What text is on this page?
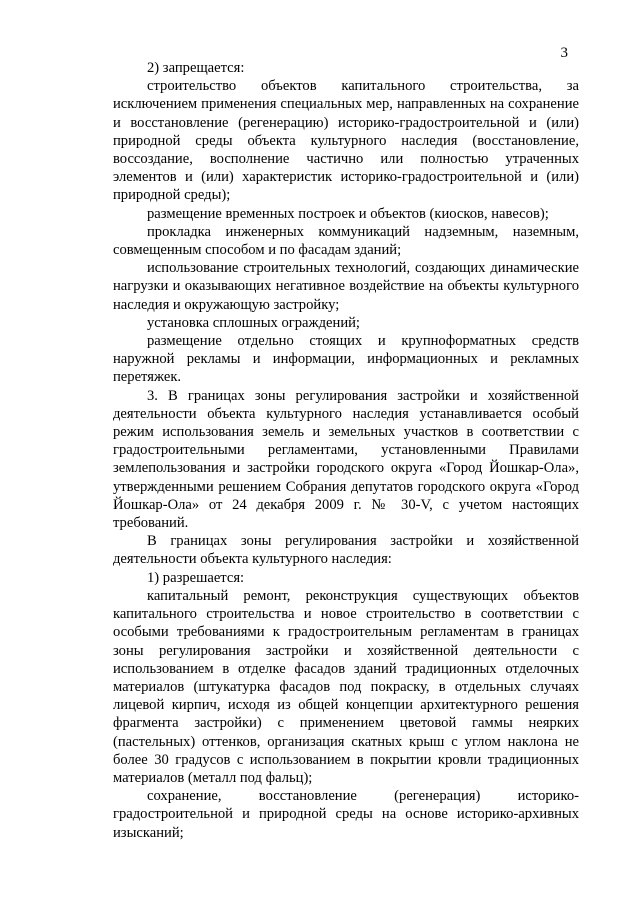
3

2) запрещается:

строительство объектов капитального строительства, за исключением применения специальных мер, направленных на сохранение и восстановление (регенерацию) историко-градостроительной и (или) природной среды объекта культурного наследия (восстановление, воссоздание, восполнение частично или полностью утраченных элементов и (или) характеристик историко-градостроительной и (или) природной среды);

размещение временных построек и объектов (киосков, навесов);

прокладка инженерных коммуникаций надземным, наземным, совмещенным способом и по фасадам зданий;

использование строительных технологий, создающих динамические нагрузки и оказывающих негативное воздействие на объекты культурного наследия и окружающую застройку;

установка сплошных ограждений;

размещение отдельно стоящих и крупноформатных средств наружной рекламы и информации, информационных и рекламных перетяжек.

3. В границах зоны регулирования застройки и хозяйственной деятельности объекта культурного наследия устанавливается особый режим использования земель и земельных участков в соответствии с градостроительными регламентами, установленными Правилами землепользования и застройки городского округа «Город Йошкар-Ола», утвержденными решением Собрания депутатов городского округа «Город Йошкар-Ола» от 24 декабря 2009 г. № 30-V, с учетом настоящих требований.

В границах зоны регулирования застройки и хозяйственной деятельности объекта культурного наследия:

1) разрешается:

капитальный ремонт, реконструкция существующих объектов капитального строительства и новое строительство в соответствии с особыми требованиями к градостроительным регламентам в границах зоны регулирования застройки и хозяйственной деятельности с использованием в отделке фасадов зданий традиционных отделочных материалов (штукатурка фасадов под покраску, в отдельных случаях лицевой кирпич, исходя из общей концепции архитектурного решения фрагмента застройки) с применением цветовой гаммы неярких (пастельных) оттенков, организация скатных крыш с углом наклона не более 30 градусов с использованием в покрытии кровли традиционных материалов (металл под фальц);

сохранение, восстановление (регенерация) историко-градостроительной и природной среды на основе историко-архивных изысканий;
